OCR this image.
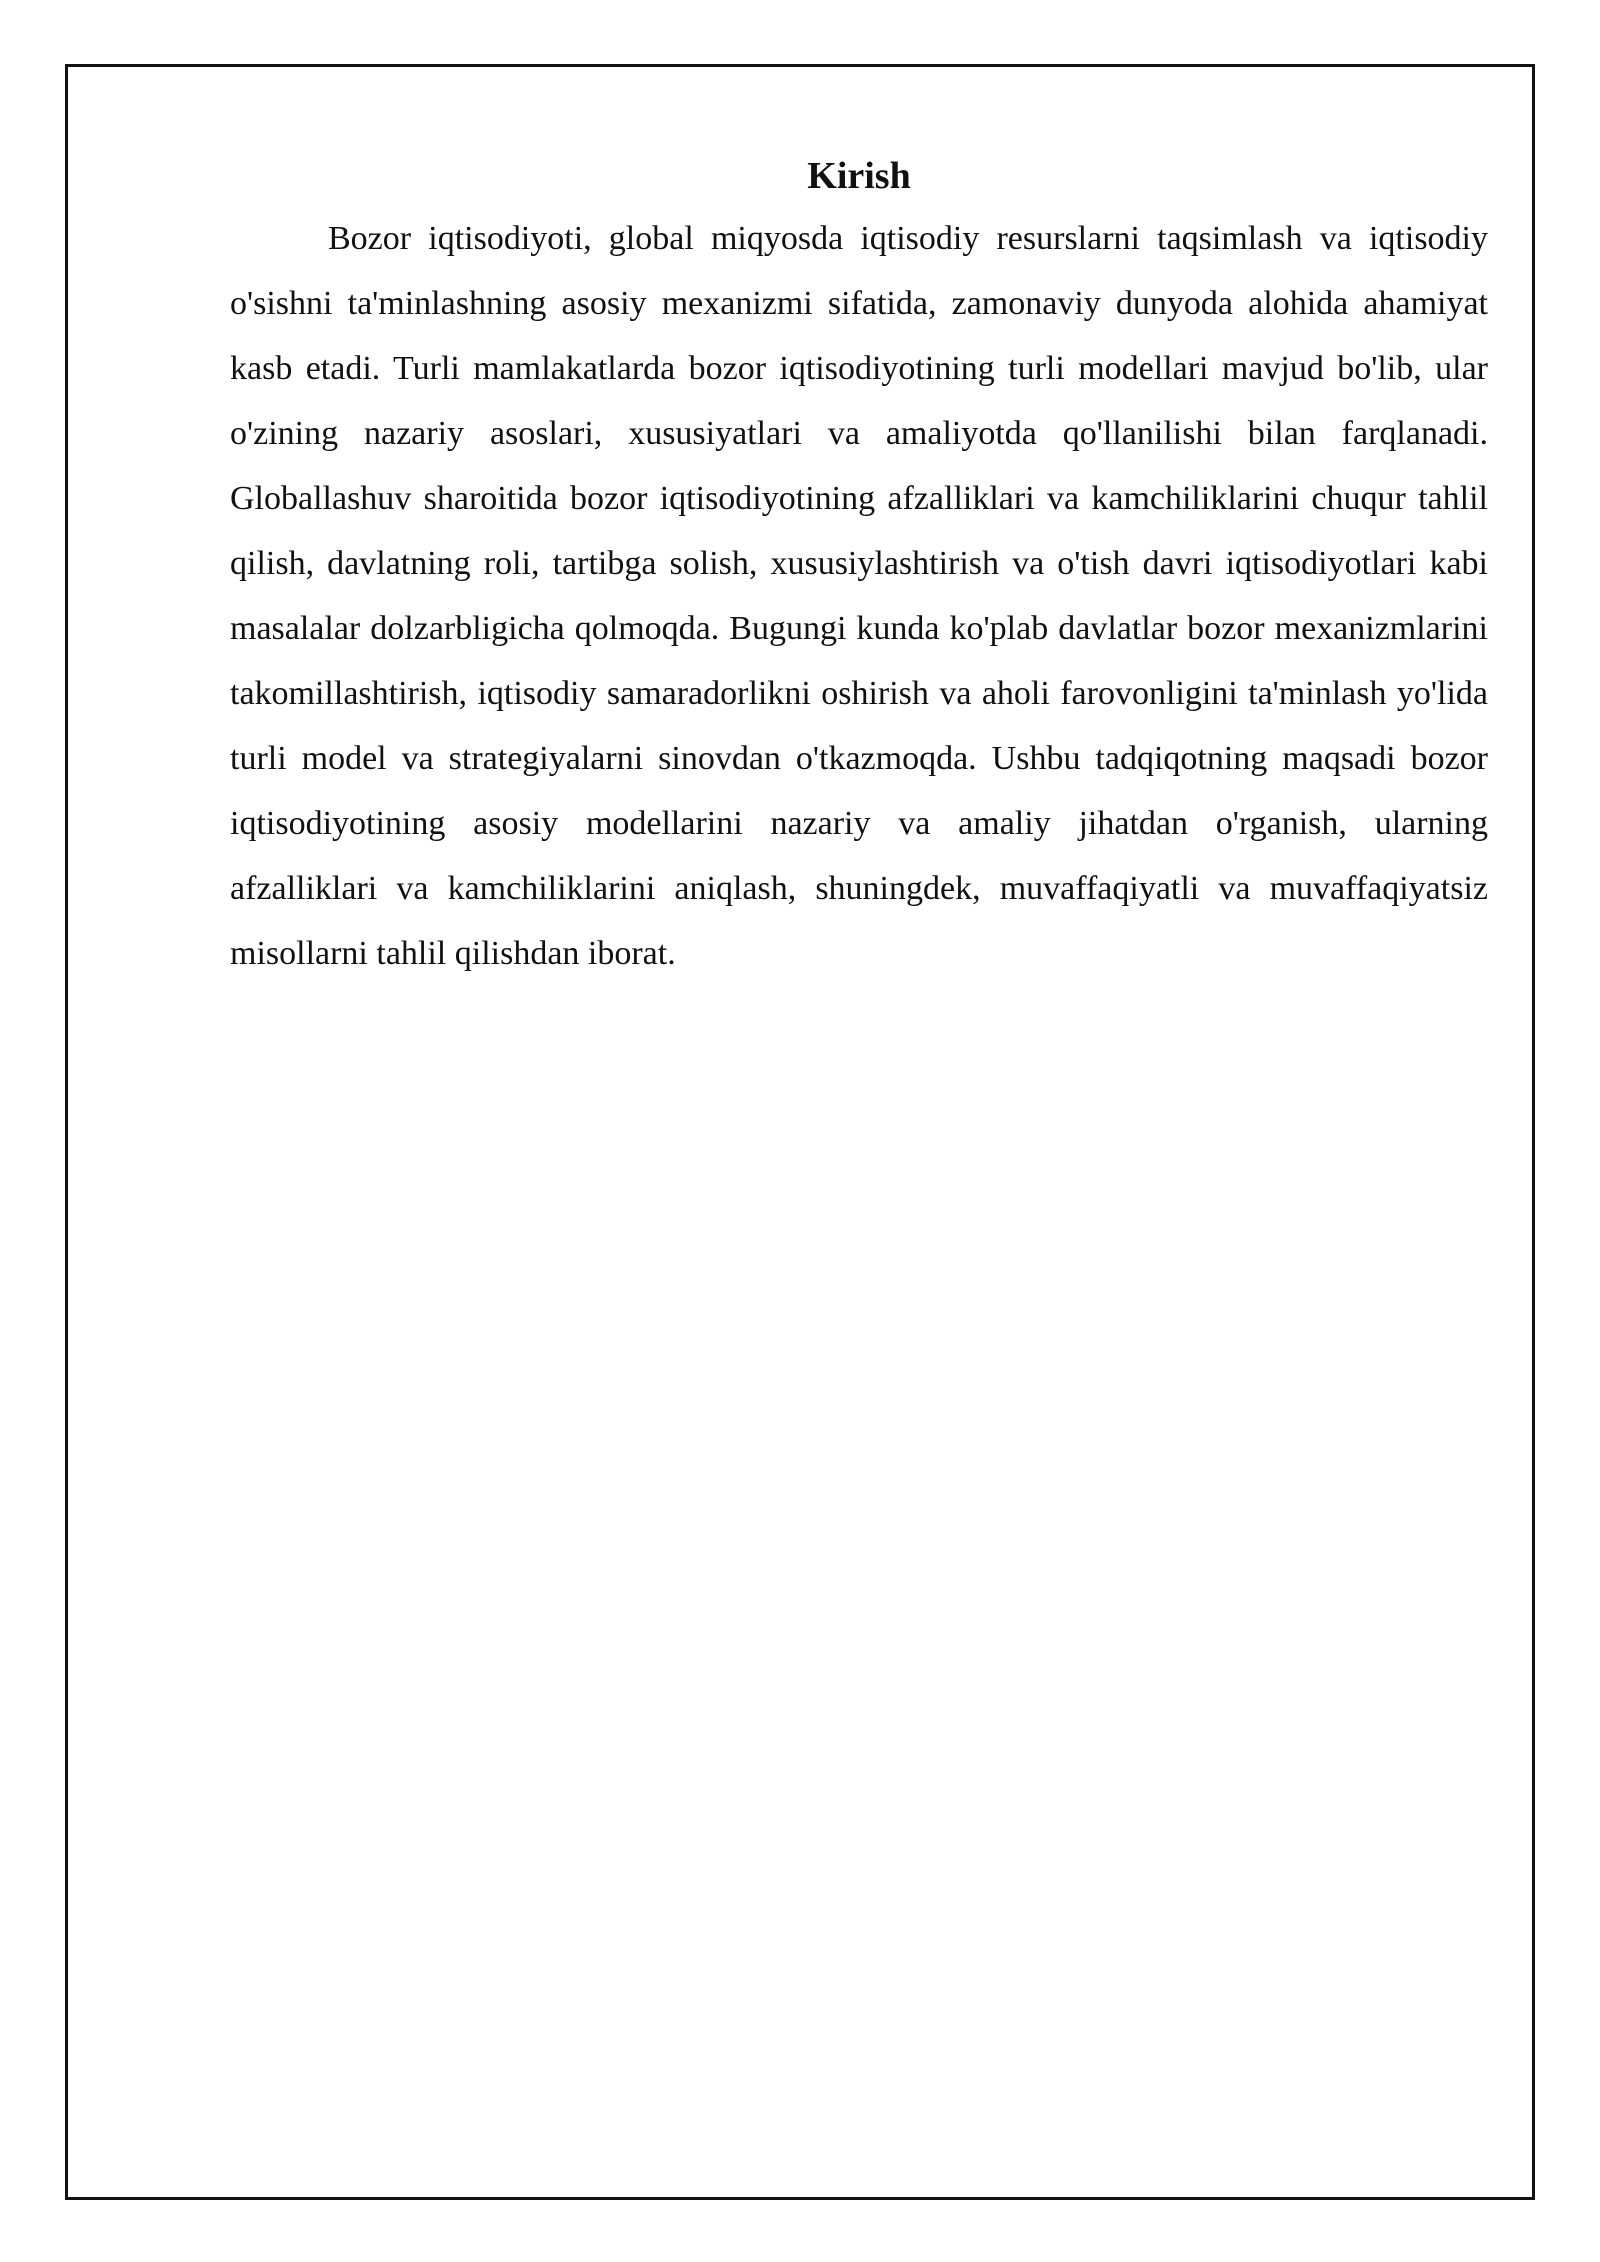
Kirish

Bozor iqtisodiyoti, global miqyosda iqtisodiy resurslarni taqsimlash va iqtisodiy o'sishni ta'minlashning asosiy mexanizmi sifatida, zamonaviy dunyoda alohida ahamiyat kasb etadi. Turli mamlakatlarda bozor iqtisodiyotining turli modellari mavjud bo'lib, ular o'zining nazariy asoslari, xususiyatlari va amaliyotda qo'llanilishi bilan farqlanadi. Globallashuv sharoitida bozor iqtisodiyotining afzalliklari va kamchiliklarini chuqur tahlil qilish, davlatning roli, tartibga solish, xususiylashtirish va o'tish davri iqtisodiyotlari kabi masalalar dolzarbligicha qolmoqda. Bugungi kunda ko'plab davlatlar bozor mexanizmlarini takomillashtirish, iqtisodiy samaradorlikni oshirish va aholi farovonligini ta'minlash yo'lida turli model va strategiyalarni sinovdan o'tkazmoqda. Ushbu tadqiqotning maqsadi bozor iqtisodiyotining asosiy modellarini nazariy va amaliy jihatdan o'rganish, ularning afzalliklari va kamchiliklarini aniqlash, shuningdek, muvaffaqiyatli va muvaffaqiyatsiz misollarni tahlil qilishdan iborat.
